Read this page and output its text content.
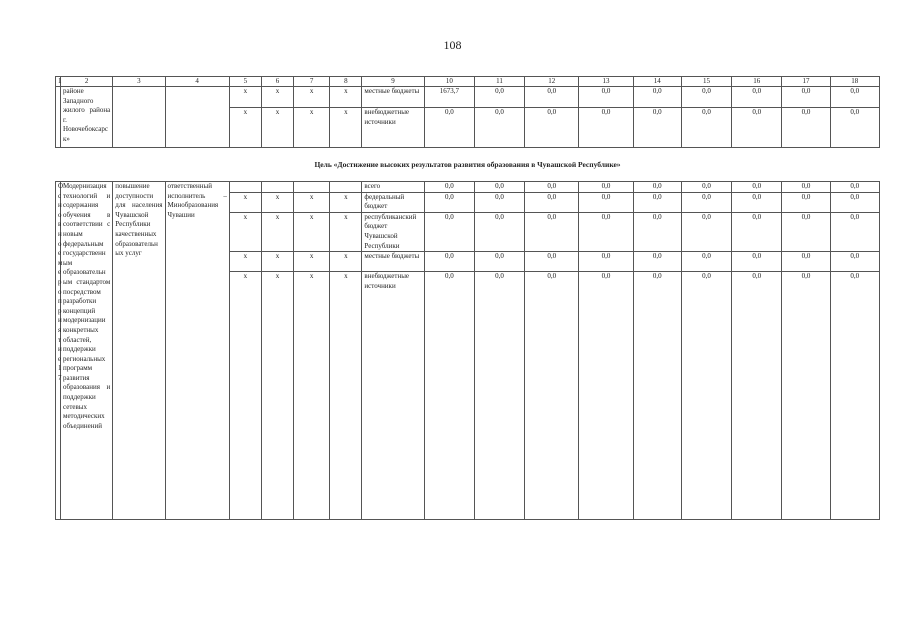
108
1	2	3	4	5	6	7	8	9	10	11	12	13	14	15	16	17	18
	районе Западного жилого района г. Новочебоксарск»			x	x	x	x	местные бюджеты	1673,7	0,0	0,0	0,0	0,0	0,0	0,0	0,0	0,0
				x	x	x	x	внебюджетные источники	0,0	0,0	0,0	0,0	0,0	0,0	0,0	0,0	0,0
Цель «Достижение высоких результатов развития образования в Чувашской Республике»
Основное мероприятие 17	Модернизация технологий и содержания обучения в соответствии с новым федеральным государственным образовательным стандартом посредством разработки концепций модернизации конкретных областей, поддержки региональных программ развития образования и поддержки сетевых методических объединений	повышение доступности для населения Чувашской Республики качественных образовательных услуг	ответственный исполнитель – Минобразования Чувашии					всего	0,0	0,0	0,0	0,0	0,0	0,0	0,0	0,0	0,0
				x	x	x	x	федеральный бюджет	0,0	0,0	0,0	0,0	0,0	0,0	0,0	0,0	0,0
				x	x	x	x	республиканский бюджет Чувашской Республики	0,0	0,0	0,0	0,0	0,0	0,0	0,0	0,0	0,0
				x	x	x	x	местные бюджеты	0,0	0,0	0,0	0,0	0,0	0,0	0,0	0,0	0,0
				x	x	x	x	внебюджетные источники	0,0	0,0	0,0	0,0	0,0	0,0	0,0	0,0	0,0
